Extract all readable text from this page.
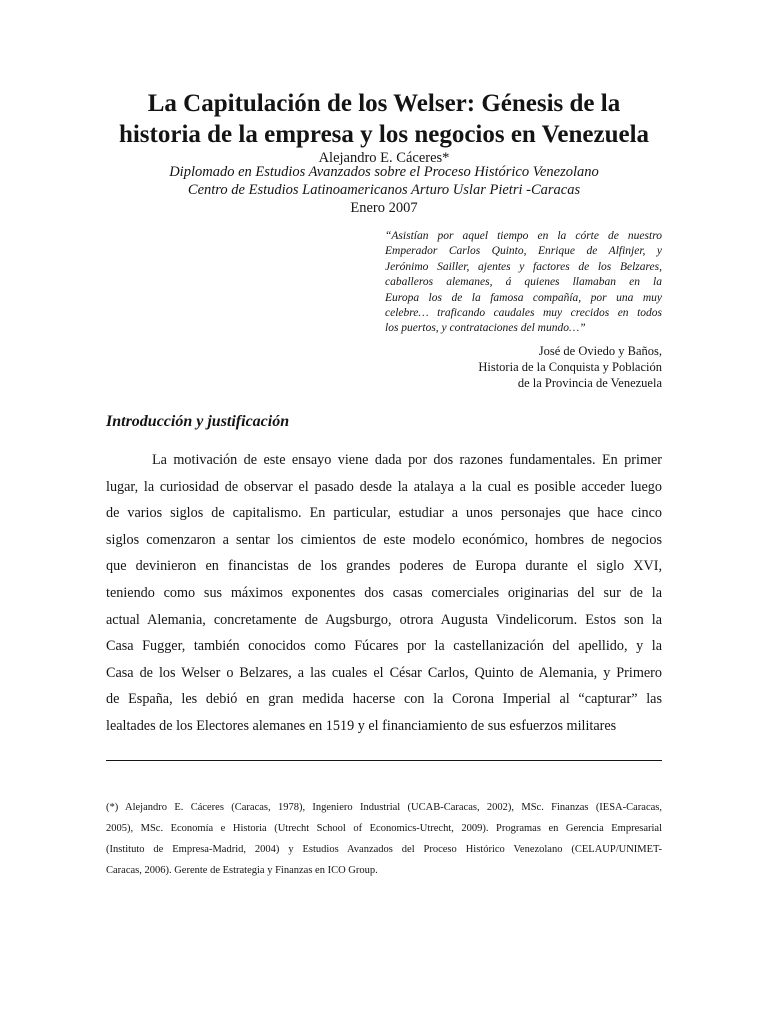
La Capitulación de los Welser: Génesis de la
historia de la empresa y los negocios en Venezuela
Alejandro E. Cáceres*
Diplomado en Estudios Avanzados sobre el Proceso Histórico Venezolano
Centro de Estudios Latinoamericanos Arturo Uslar Pietri -Caracas
Enero 2007
“Asistían por aquel tiempo en la córte de nuestro
Emperador Carlos Quinto, Enrique de Alfinjer, y
Jerónimo Sailler, ajentes y factores de los Belzares,
caballeros alemanes, á quienes llamaban en la
Europa los de la famosa compañía, por una muy
celebre… traficando caudales muy crecidos en todos
los puertos, y contrataciones del mundo…”
José de Oviedo y Baños,
Historia de la Conquista y Población
de la Provincia de Venezuela
Introducción y justificación
La motivación de este ensayo viene dada por dos razones fundamentales. En primer
lugar, la curiosidad de observar el pasado desde la atalaya a la cual es posible acceder luego
de varios siglos de capitalismo. En particular, estudiar a unos personajes que hace cinco
siglos comenzaron a sentar los cimientos de este modelo económico, hombres de negocios
que devinieron en financistas de los grandes poderes de Europa durante el siglo XVI,
teniendo como sus máximos exponentes dos casas comerciales originarias del sur de la
actual Alemania, concretamente de Augsburgo, otrora Augusta Vindelicorum. Estos son la
Casa Fugger, también conocidos como Fúcares por la castellanización del apellido, y la
Casa de los Welser o Belzares, a las cuales el César Carlos, Quinto de Alemania, y Primero
de España, les debió en gran medida hacerse con la Corona Imperial al “capturar” las
lealtades de los Electores alemanes en 1519 y el financiamiento de sus esfuerzos militares
(*) Alejandro E. Cáceres (Caracas, 1978), Ingeniero Industrial (UCAB-Caracas, 2002), MSc. Finanzas (IESA-Caracas,
2005), MSc. Economía e Historia (Utrecht School of Economics-Utrecht, 2009). Programas en Gerencia Empresarial
(Instituto de Empresa-Madrid, 2004) y Estudios Avanzados del Proceso Histórico Venezolano (CELAUP/UNIMET-
Caracas, 2006). Gerente de Estrategia y Finanzas en ICO Group.
